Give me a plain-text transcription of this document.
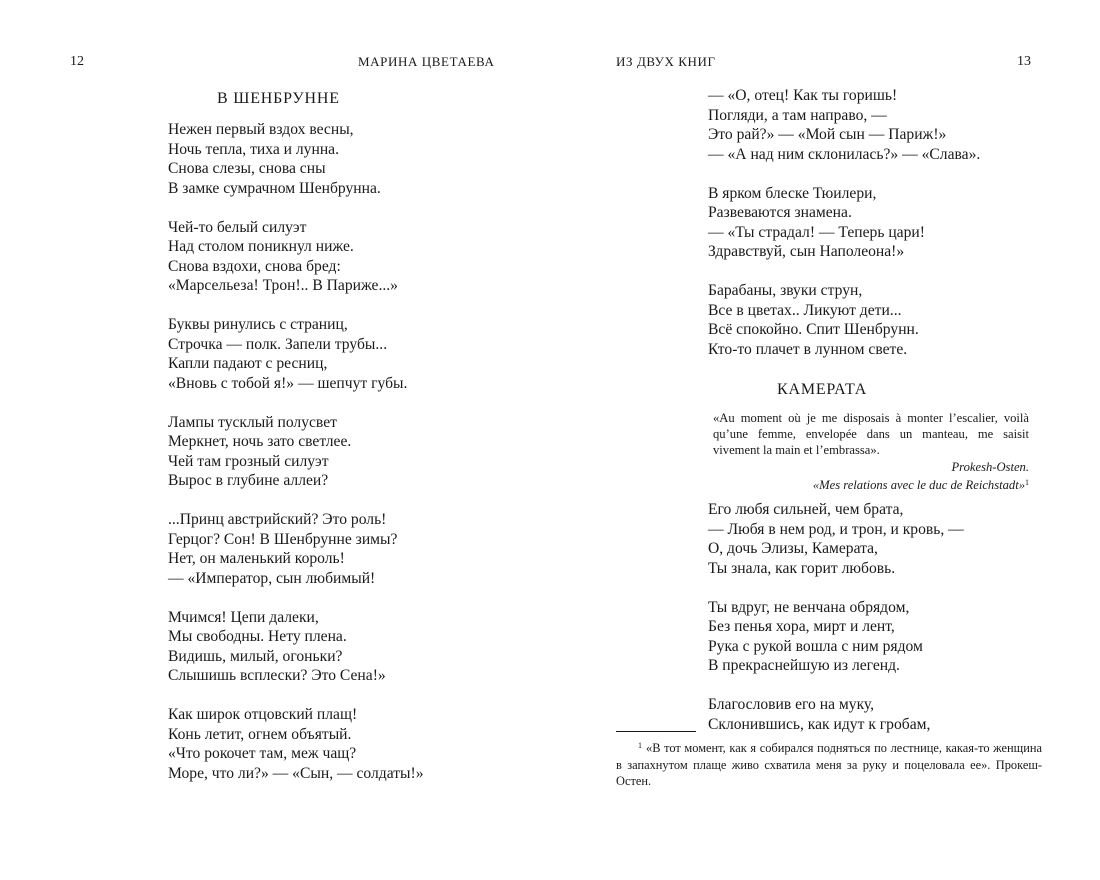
12	МАРИНА ЦВЕТАЕВА
В ШЕНБРУННЕ
Нежен первый вздох весны,
Ночь тепла, тиха и лунна.
Снова слезы, снова сны
В замке сумрачном Шенбрунна.
Чей-то белый силуэт
Над столом поникнул ниже.
Снова вздохи, снова бред:
«Марсельеза! Трон!.. В Париже...»
Буквы ринулись с страниц,
Строчка — полк. Запели трубы...
Капли падают с ресниц,
«Вновь с тобой я!» — шепчут губы.
Лампы тусклый полусвет
Меркнет, ночь зато светлее.
Чей там грозный силуэт
Вырос в глубине аллеи?
...Принц австрийский? Это роль!
Герцог? Сон! В Шенбрунне зимы?
Нет, он маленький король!
— «Император, сын любимый!
Мчимся! Цепи далеки,
Мы свободны. Нету плена.
Видишь, милый, огоньки?
Слышишь всплески? Это Сена!»
Как широк отцовский плащ!
Конь летит, огнем объятый.
«Что рокочет там, меж чащ?
Море, что ли?» — «Сын, — солдаты!»
ИЗ ДВУХ КНИГ	13
— «О, отец! Как ты горишь!
Погляди, а там направо, —
Это рай?» — «Мой сын — Париж!»
— «А над ним склонилась?» — «Слава».
В ярком блеске Тюилери,
Развеваются знамена.
— «Ты страдал! — Теперь цари!
Здравствуй, сын Наполеона!»
Барабаны, звуки струн,
Все в цветах.. Ликуют дети...
Всё спокойно. Спит Шенбрунн.
Кто-то плачет в лунном свете.
КАМЕРАТА
«Au moment où je me disposais à monter l’escalier, voilà qu’une femme, envelopée dans un manteau, me saisit vivement la main et l’embrassa».
Prokesh-Osten.
«Mes relations avec le duc de Reichstadt»$^1$
Его любя сильней, чем брата,
— Любя в нем род, и трон, и кровь, —
О, дочь Элизы, Камерата,
Ты знала, как горит любовь.
Ты вдруг, не венчана обрядом,
Без пенья хора, мирт и лент,
Рука с рукой вошла с ним рядом
В прекраснейшую из легенд.
Благословив его на муку,
Склонившись, как идут к гробам,
$^1$ «В тот момент, как я собирался подняться по лестнице, какая-то женщина в запахнутом плаще живо схватила меня за руку и поцеловала ее». Прокеш-Остен.
